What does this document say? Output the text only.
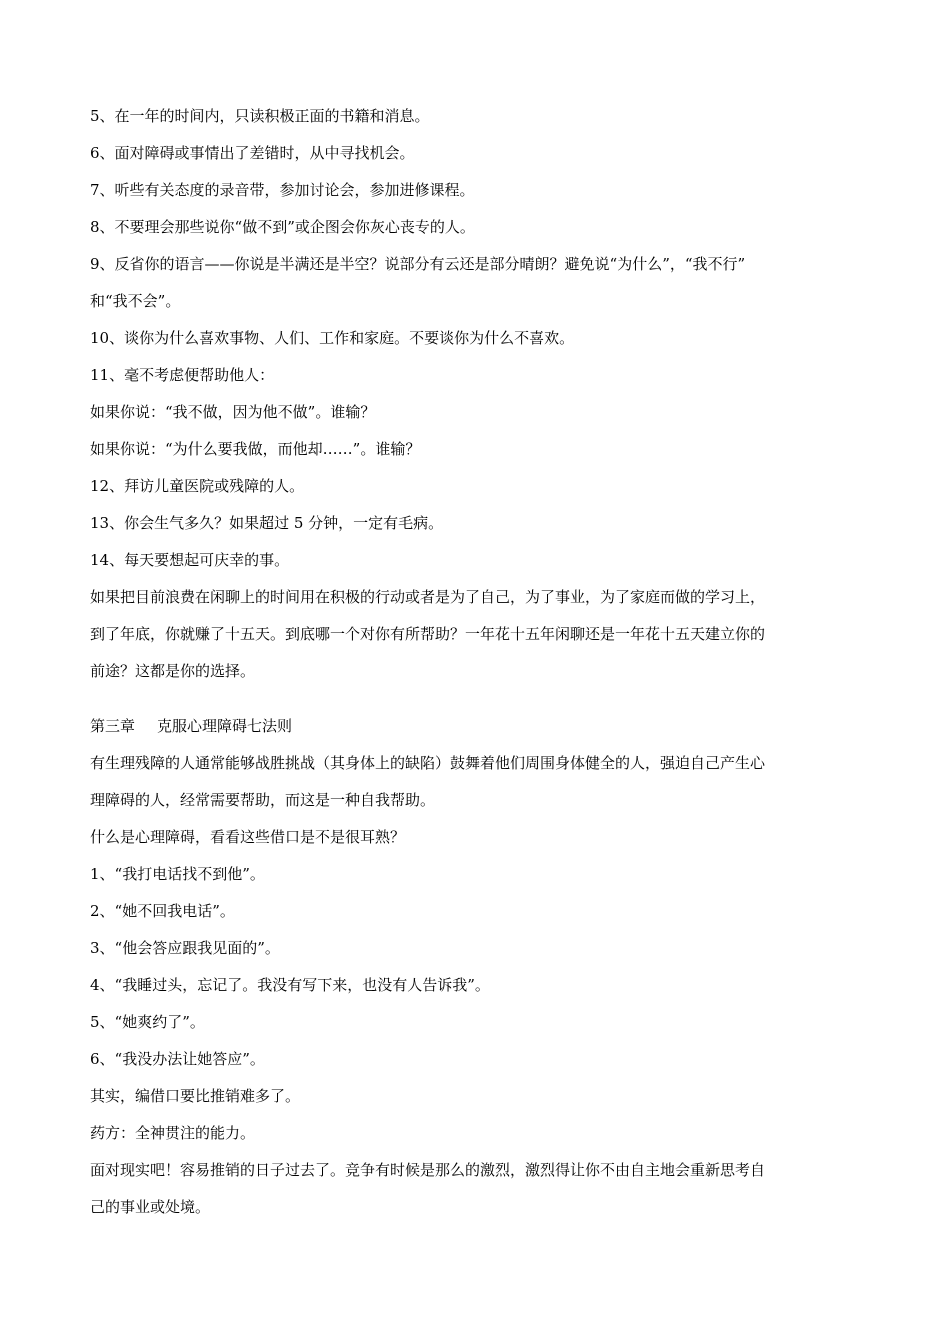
5、在一年的时间内，只读积极正面的书籍和消息。

6、面对障碍或事情出了差错时，从中寻找机会。

7、听些有关态度的录音带，参加讨论会，参加进修课程。

8、不要理会那些说你“做不到”或企图会你灰心丧专的人。

9、反省你的语言——你说是半满还是半空？说部分有云还是部分晴朗？避免说“为什么”，“我不行”

和“我不会”。

10、谈你为什么喜欢事物、人们、工作和家庭。不要谈你为什么不喜欢。

11、毫不考虑便帮助他人：

如果你说：“我不做，因为他不做”。谁输？

如果你说：“为什么要我做，而他却……”。谁输？

12、拜访儿童医院或残障的人。

13、你会生气多久？如果超过 5 分钟，一定有毛病。

14、每天要想起可庆幸的事。

如果把目前浪费在闲聊上的时间用在积极的行动或者是为了自己，为了事业，为了家庭而做的学习上，

到了年底，你就赚了十五天。到底哪一个对你有所帮助？一年花十五年闲聊还是一年花十五天建立你的

前途？这都是你的选择。

第三章 克服心理障碍七法则

有生理残障的人通常能够战胜挑战（其身体上的缺陷）鼓舞着他们周围身体健全的人，强迫自己产生心

理障碍的人，经常需要帮助，而这是一种自我帮助。

什么是心理障碍，看看这些借口是不是很耳熟？

1、“我打电话找不到他”。

2、“她不回我电话”。

3、“他会答应跟我见面的”。

4、“我睡过头，忘记了。我没有写下来，也没有人告诉我”。

5、“她爽约了”。

6、“我没办法让她答应”。

其实，编借口要比推销难多了。

药方：全神贯注的能力。

面对现实吧！容易推销的日子过去了。竞争有时候是那么的激烈，激烈得让你不由自主地会重新思考自

己的事业或处境。
